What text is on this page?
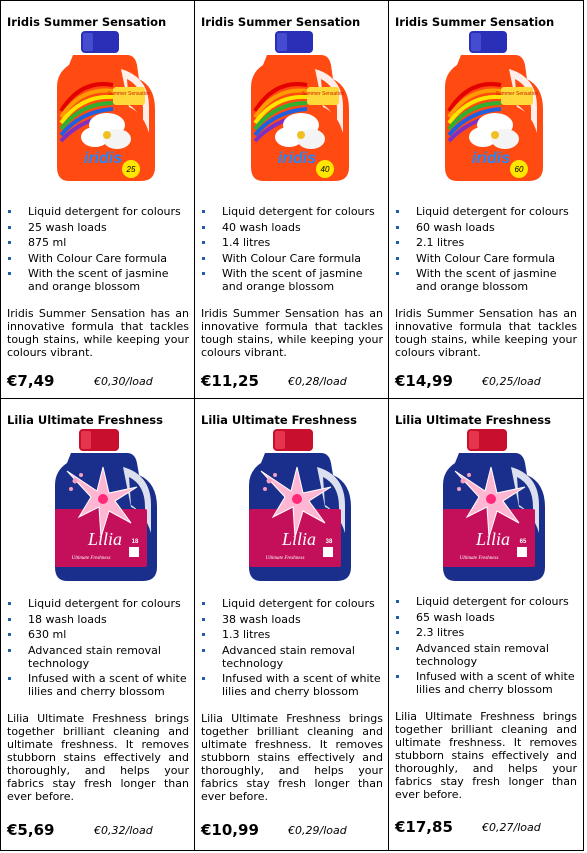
Iridis Summer Sensation
Summer Sensation
iridis
25
Liquid detergent for colours
25 wash loads
875 ml
With Colour Care formula
With the scent of jasmine and orange blossom

Iridis Summer Sensation has an innovative formula that tackles tough stains, while keeping your colours vibrant.

€7,49	€0,30/load
Iridis Summer Sensation
Summer Sensation
iridis
40
Liquid detergent for colours
40 wash loads
1.4 litres
With Colour Care formula
With the scent of jasmine and orange blossom

Iridis Summer Sensation has an innovative formula that tackles tough stains, while keeping your colours vibrant.

€11,25	€0,28/load
Iridis Summer Sensation
Summer Sensation
iridis
60
Liquid detergent for colours
60 wash loads
2.1 litres
With Colour Care formula
With the scent of jasmine and orange blossom

Iridis Summer Sensation has an innovative formula that tackles tough stains, while keeping your colours vibrant.

€14,99	€0,25/load
Lilia Ultimate Freshness
Lilia
Ultimate Freshness
18
Liquid detergent for colours
18 wash loads
630 ml
Advanced stain removal technology
Infused with a scent of white lilies and cherry blossom

Lilia Ultimate Freshness brings together brilliant cleaning and ultimate freshness. It removes stubborn stains effectively and thoroughly, and helps your fabrics stay fresh longer than ever before.

€5,69	€0,32/load
Lilia Ultimate Freshness
Lilia
Ultimate Freshness
38
Liquid detergent for colours
38 wash loads
1.3 litres
Advanced stain removal technology
Infused with a scent of white lilies and cherry blossom

Lilia Ultimate Freshness brings together brilliant cleaning and ultimate freshness. It removes stubborn stains effectively and thoroughly, and helps your fabrics stay fresh longer than ever before.

€10,99	€0,29/load
Lilia Ultimate Freshness
Lilia
Ultimate Freshness
65
Liquid detergent for colours
65 wash loads
2.3 litres
Advanced stain removal technology
Infused with a scent of white lilies and cherry blossom

Lilia Ultimate Freshness brings together brilliant cleaning and ultimate freshness. It removes stubborn stains effectively and thoroughly, and helps your fabrics stay fresh longer than ever before.

€17,85	€0,27/load
